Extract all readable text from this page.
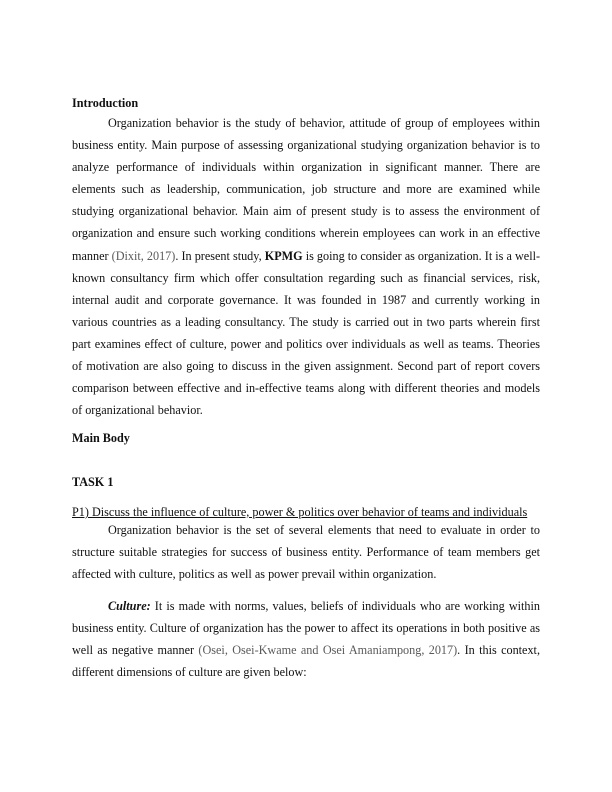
Introduction

Organization behavior is the study of behavior, attitude of group of employees within business entity. Main purpose of assessing organizational studying organization behavior is to analyze performance of individuals within organization in significant manner. There are elements such as leadership, communication, job structure and more are examined while studying organizational behavior. Main aim of present study is to assess the environment of organization and ensure such working conditions wherein employees can work in an effective manner (Dixit, 2017). In present study, KPMG is going to consider as organization. It is a well-known consultancy firm which offer consultation regarding such as financial services, risk, internal audit and corporate governance. It was founded in 1987 and currently working in various countries as a leading consultancy. The study is carried out in two parts wherein first part examines effect of culture, power and politics over individuals as well as teams. Theories of motivation are also going to discuss in the given assignment. Second part of report covers comparison between effective and in-effective teams along with different theories and models of organizational behavior.

Main Body
TASK 1
P1) Discuss the influence of culture, power & politics over behavior of teams and individuals

Organization behavior is the set of several elements that need to evaluate in order to structure suitable strategies for success of business entity. Performance of team members get affected with culture, politics as well as power prevail within organization.

Culture: It is made with norms, values, beliefs of individuals who are working within business entity. Culture of organization has the power to affect its operations in both positive as well as negative manner (Osei, Osei-Kwame and Osei Amaniampong, 2017). In this context, different dimensions of culture are given below:
